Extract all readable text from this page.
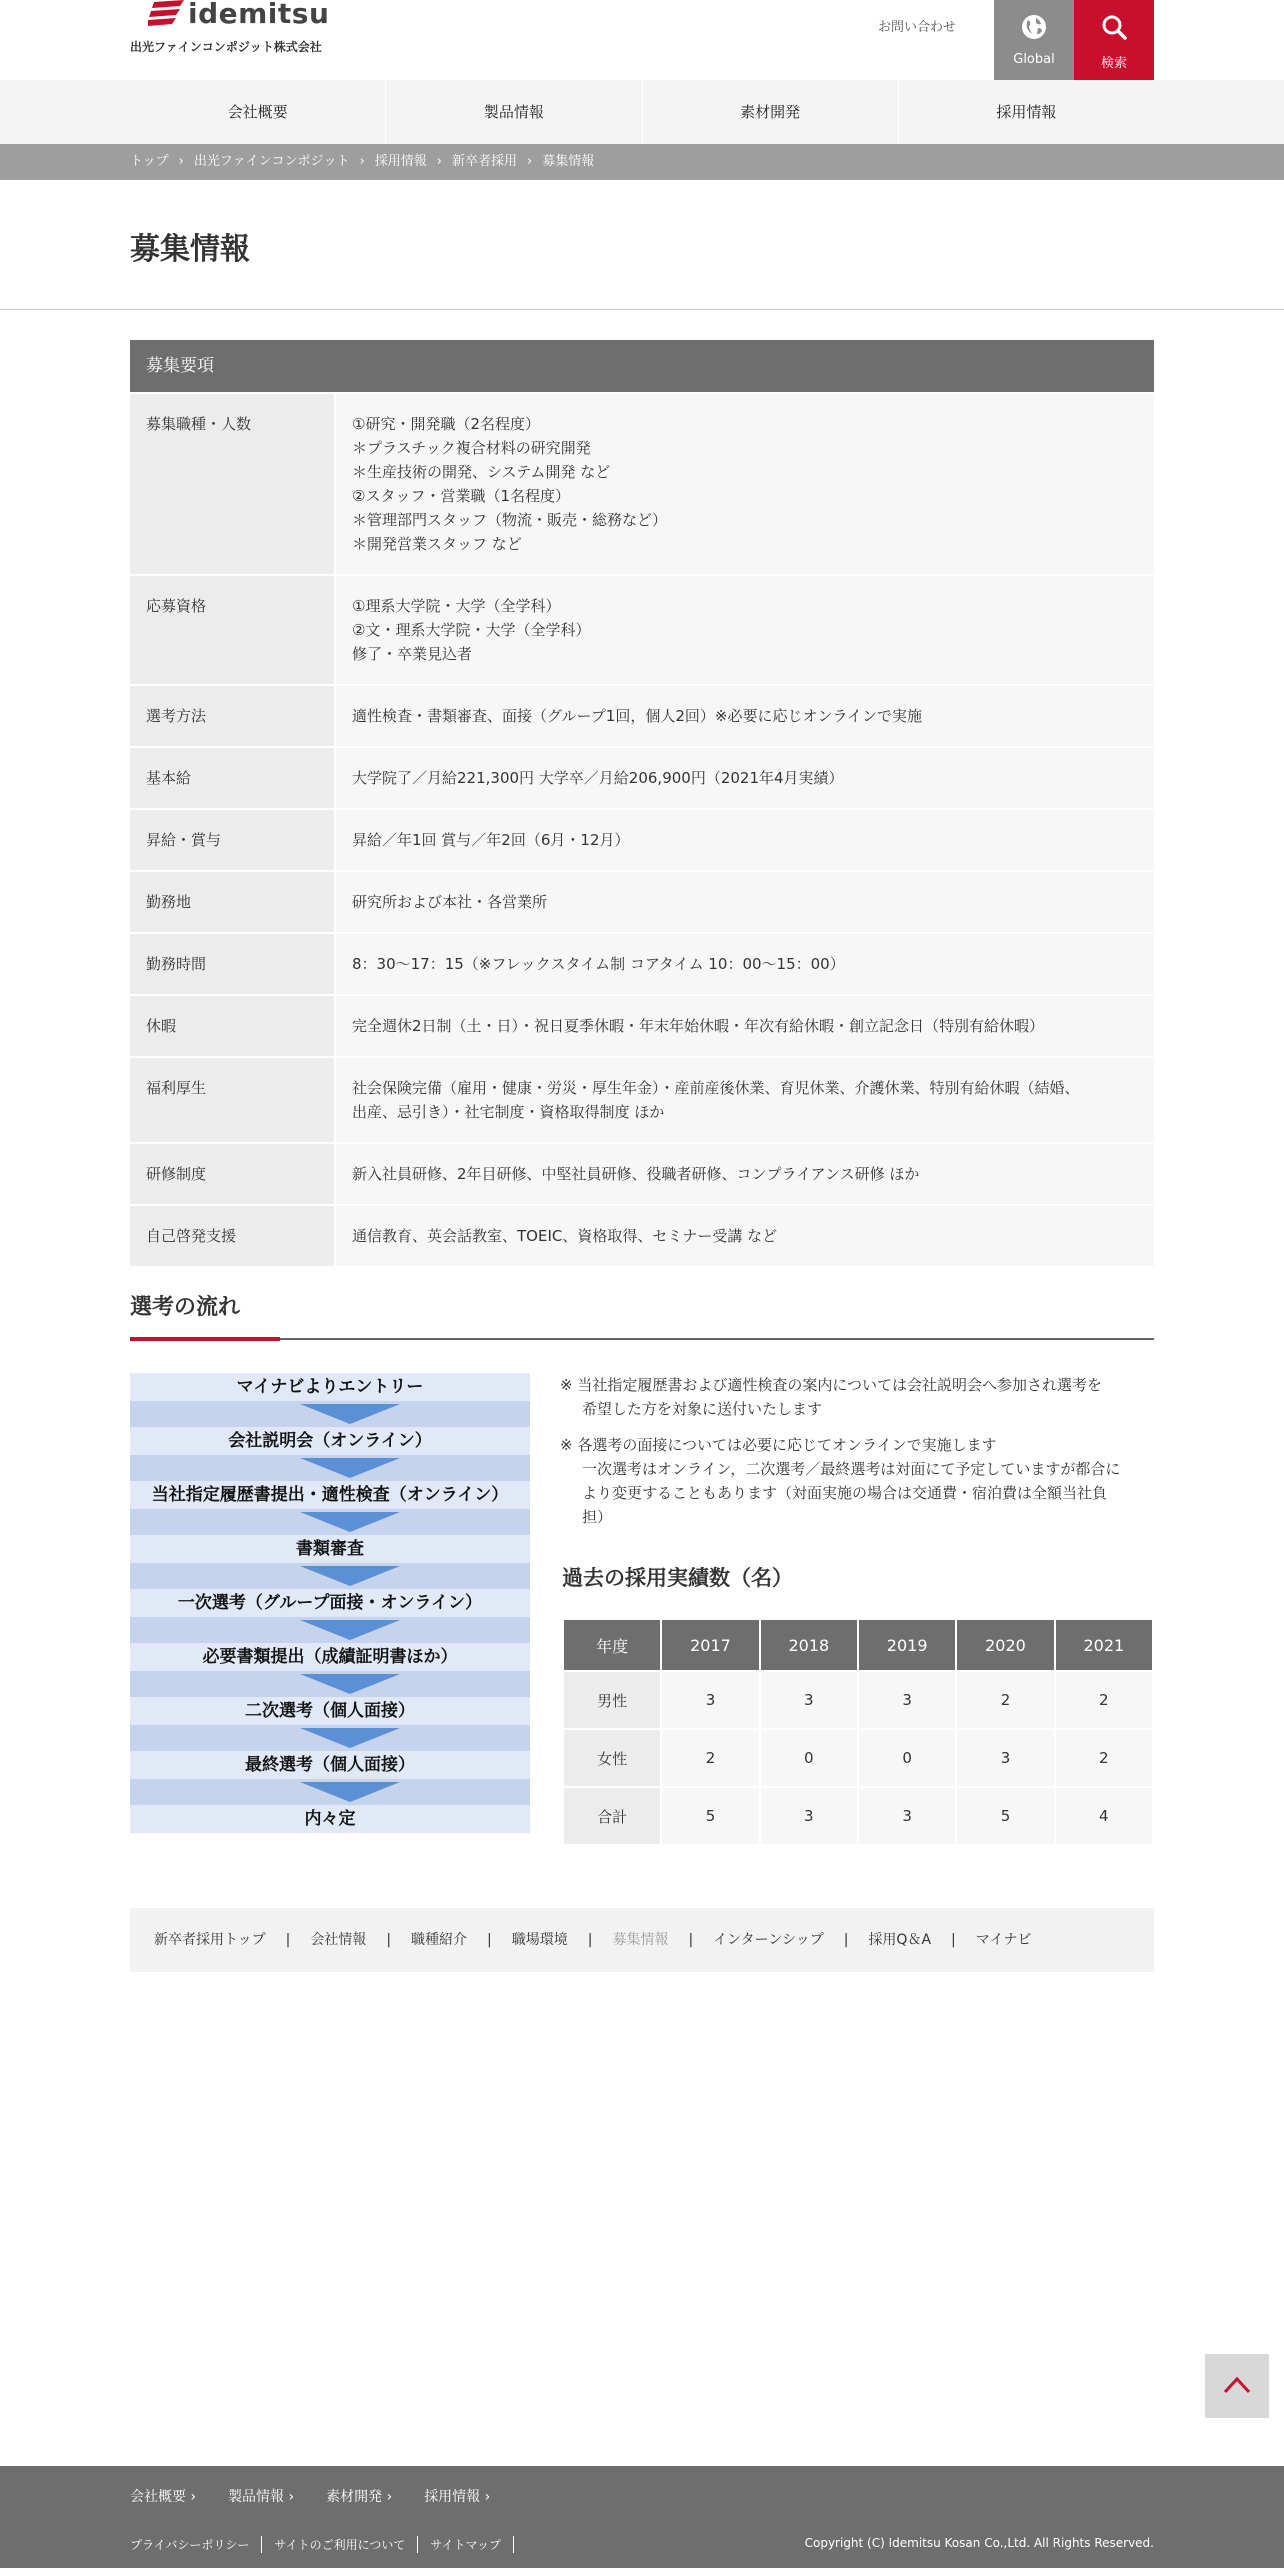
idemitsu
出光ファインコンポジット株式会社
お問い合わせ
Global	検索
会社概要	製品情報	素材開発	採用情報
トップ › 出光ファインコンポジット › 採用情報 › 新卒者採用 › 募集情報
募集情報
募集要項
募集職種・人数	①研究・開発職（2名程度）
＊プラスチック複合材料の研究開発
＊生産技術の開発、システム開発 など
②スタッフ・営業職（1名程度）
＊管理部門スタッフ（物流・販売・総務など）
＊開発営業スタッフ など
応募資格	①理系大学院・大学（全学科）
②文・理系大学院・大学（全学科）
修了・卒業見込者
選考方法	適性検査・書類審査、面接（グループ1回，個人2回）※必要に応じオンラインで実施
基本給	大学院了／月給221,300円 大学卒／月給206,900円（2021年4月実績）
昇給・賞与	昇給／年1回 賞与／年2回（6月・12月）
勤務地	研究所および本社・各営業所
勤務時間	8：30～17：15（※フレックスタイム制 コアタイム 10：00～15：00）
休暇	完全週休2日制（土・日）・祝日夏季休暇・年末年始休暇・年次有給休暇・創立記念日（特別有給休暇）
福利厚生	社会保険完備（雇用・健康・労災・厚生年金）・産前産後休業、育児休業、介護休業、特別有給休暇（結婚、
出産、忌引き）・社宅制度・資格取得制度 ほか
研修制度	新入社員研修、2年目研修、中堅社員研修、役職者研修、コンプライアンス研修 ほか
自己啓発支援	通信教育、英会話教室、TOEIC、資格取得、セミナー受講 など
選考の流れ
マイナビよりエントリー
会社説明会（オンライン）
当社指定履歴書提出・適性検査（オンライン）
書類審査
一次選考（グループ面接・オンライン）
必要書類提出（成績証明書ほか）
二次選考（個人面接）
最終選考（個人面接）
内々定
※ 当社指定履歴書および適性検査の案内については会社説明会へ参加され選考を
希望した方を対象に送付いたします
※ 各選考の面接については必要に応じてオンラインで実施します
一次選考はオンライン，二次選考／最終選考は対面にて予定していますが都合に
より変更することもあります（対面実施の場合は交通費・宿泊費は全額当社負
担）
過去の採用実績数（名）
年度	2017	2018	2019	2020	2021
男性	3	3	3	2	2
女性	2	0	0	3	2
合計	5	3	3	5	4
新卒者採用トップ | 会社情報 | 職種紹介 | 職場環境 | 募集情報 | インターンシップ | 採用Q＆A | マイナビ
会社概要 ›	製品情報 ›	素材開発 ›	採用情報 ›
プライバシーポリシー	サイトのご利用について	サイトマップ	Copyright (C) Idemitsu Kosan Co.,Ltd. All Rights Reserved.
